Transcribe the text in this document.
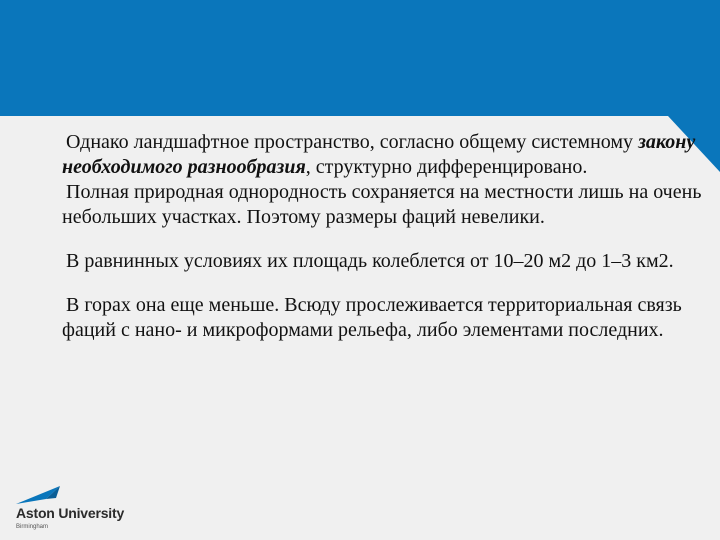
Однако ландшафтное пространство, согласно общему системному закону необходимого разнообразия, структурно дифференцировано.

Полная природная однородность сохраняется на местности лишь на очень небольших участках. Поэтому размеры фаций невелики.

В равнинных условиях их площадь колеблется от 10–20 м2 до 1–3 км2.

В горах она еще меньше. Всюду прослеживается территориальная связь фаций с нано- и микроформами рельефа, либо элементами последних.

Aston University
Birmingham
